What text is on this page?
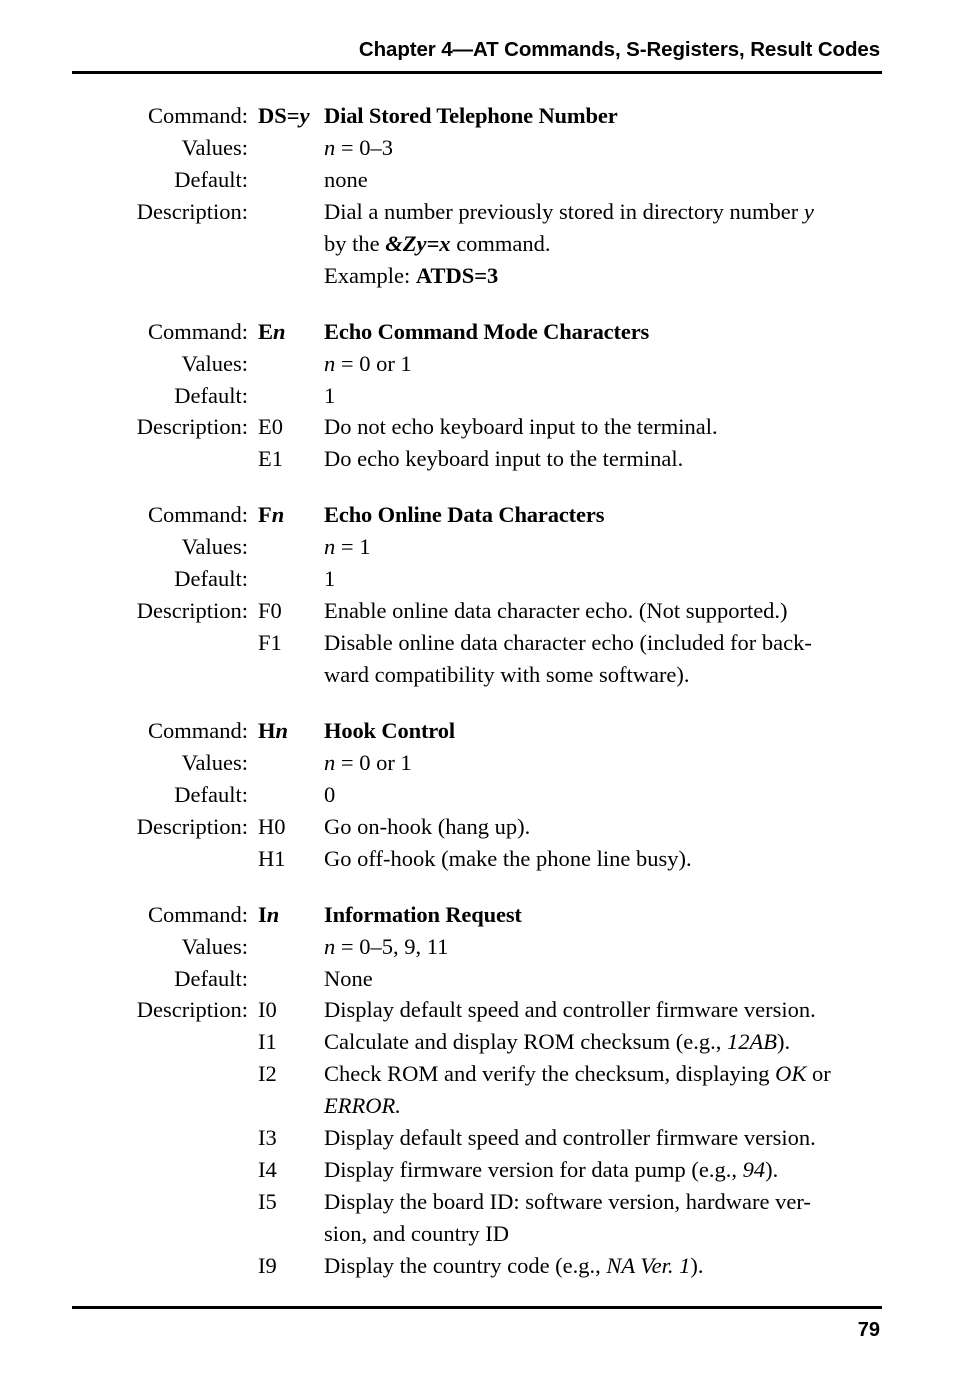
Chapter 4—AT Commands, S-Registers, Result Codes
Command: DS=y Dial Stored Telephone Number
Values:	n = 0–3
Default:	none
Description:	Dial a number previously stored in directory number y
by the &Zy=x command.
Example: ATDS=3
Command: En	Echo Command Mode Characters
Values:	n = 0 or 1
Default:	1
Description: E0	Do not echo keyboard input to the terminal.
E1	Do echo keyboard input to the terminal.
Command: Fn	Echo Online Data Characters
Values:	n = 1
Default:	1
Description: F0	Enable online data character echo. (Not supported.)
F1	Disable online data character echo (included for back-
ward compatibility with some software).
Command: Hn	Hook Control
Values:	n = 0 or 1
Default:	0
Description: H0	Go on-hook (hang up).
H1	Go off-hook (make the phone line busy).
Command: In	Information Request
Values:	n = 0–5, 9, 11
Default:	None
Description: I0	Display default speed and controller firmware version.
I1	Calculate and display ROM checksum (e.g., 12AB).
I2	Check ROM and verify the checksum, displaying OK or
ERROR.
I3	Display default speed and controller firmware version.
I4	Display firmware version for data pump (e.g., 94).
I5	Display the board ID: software version, hardware ver-
sion, and country ID
I9	Display the country code (e.g., NA Ver. 1).
79
